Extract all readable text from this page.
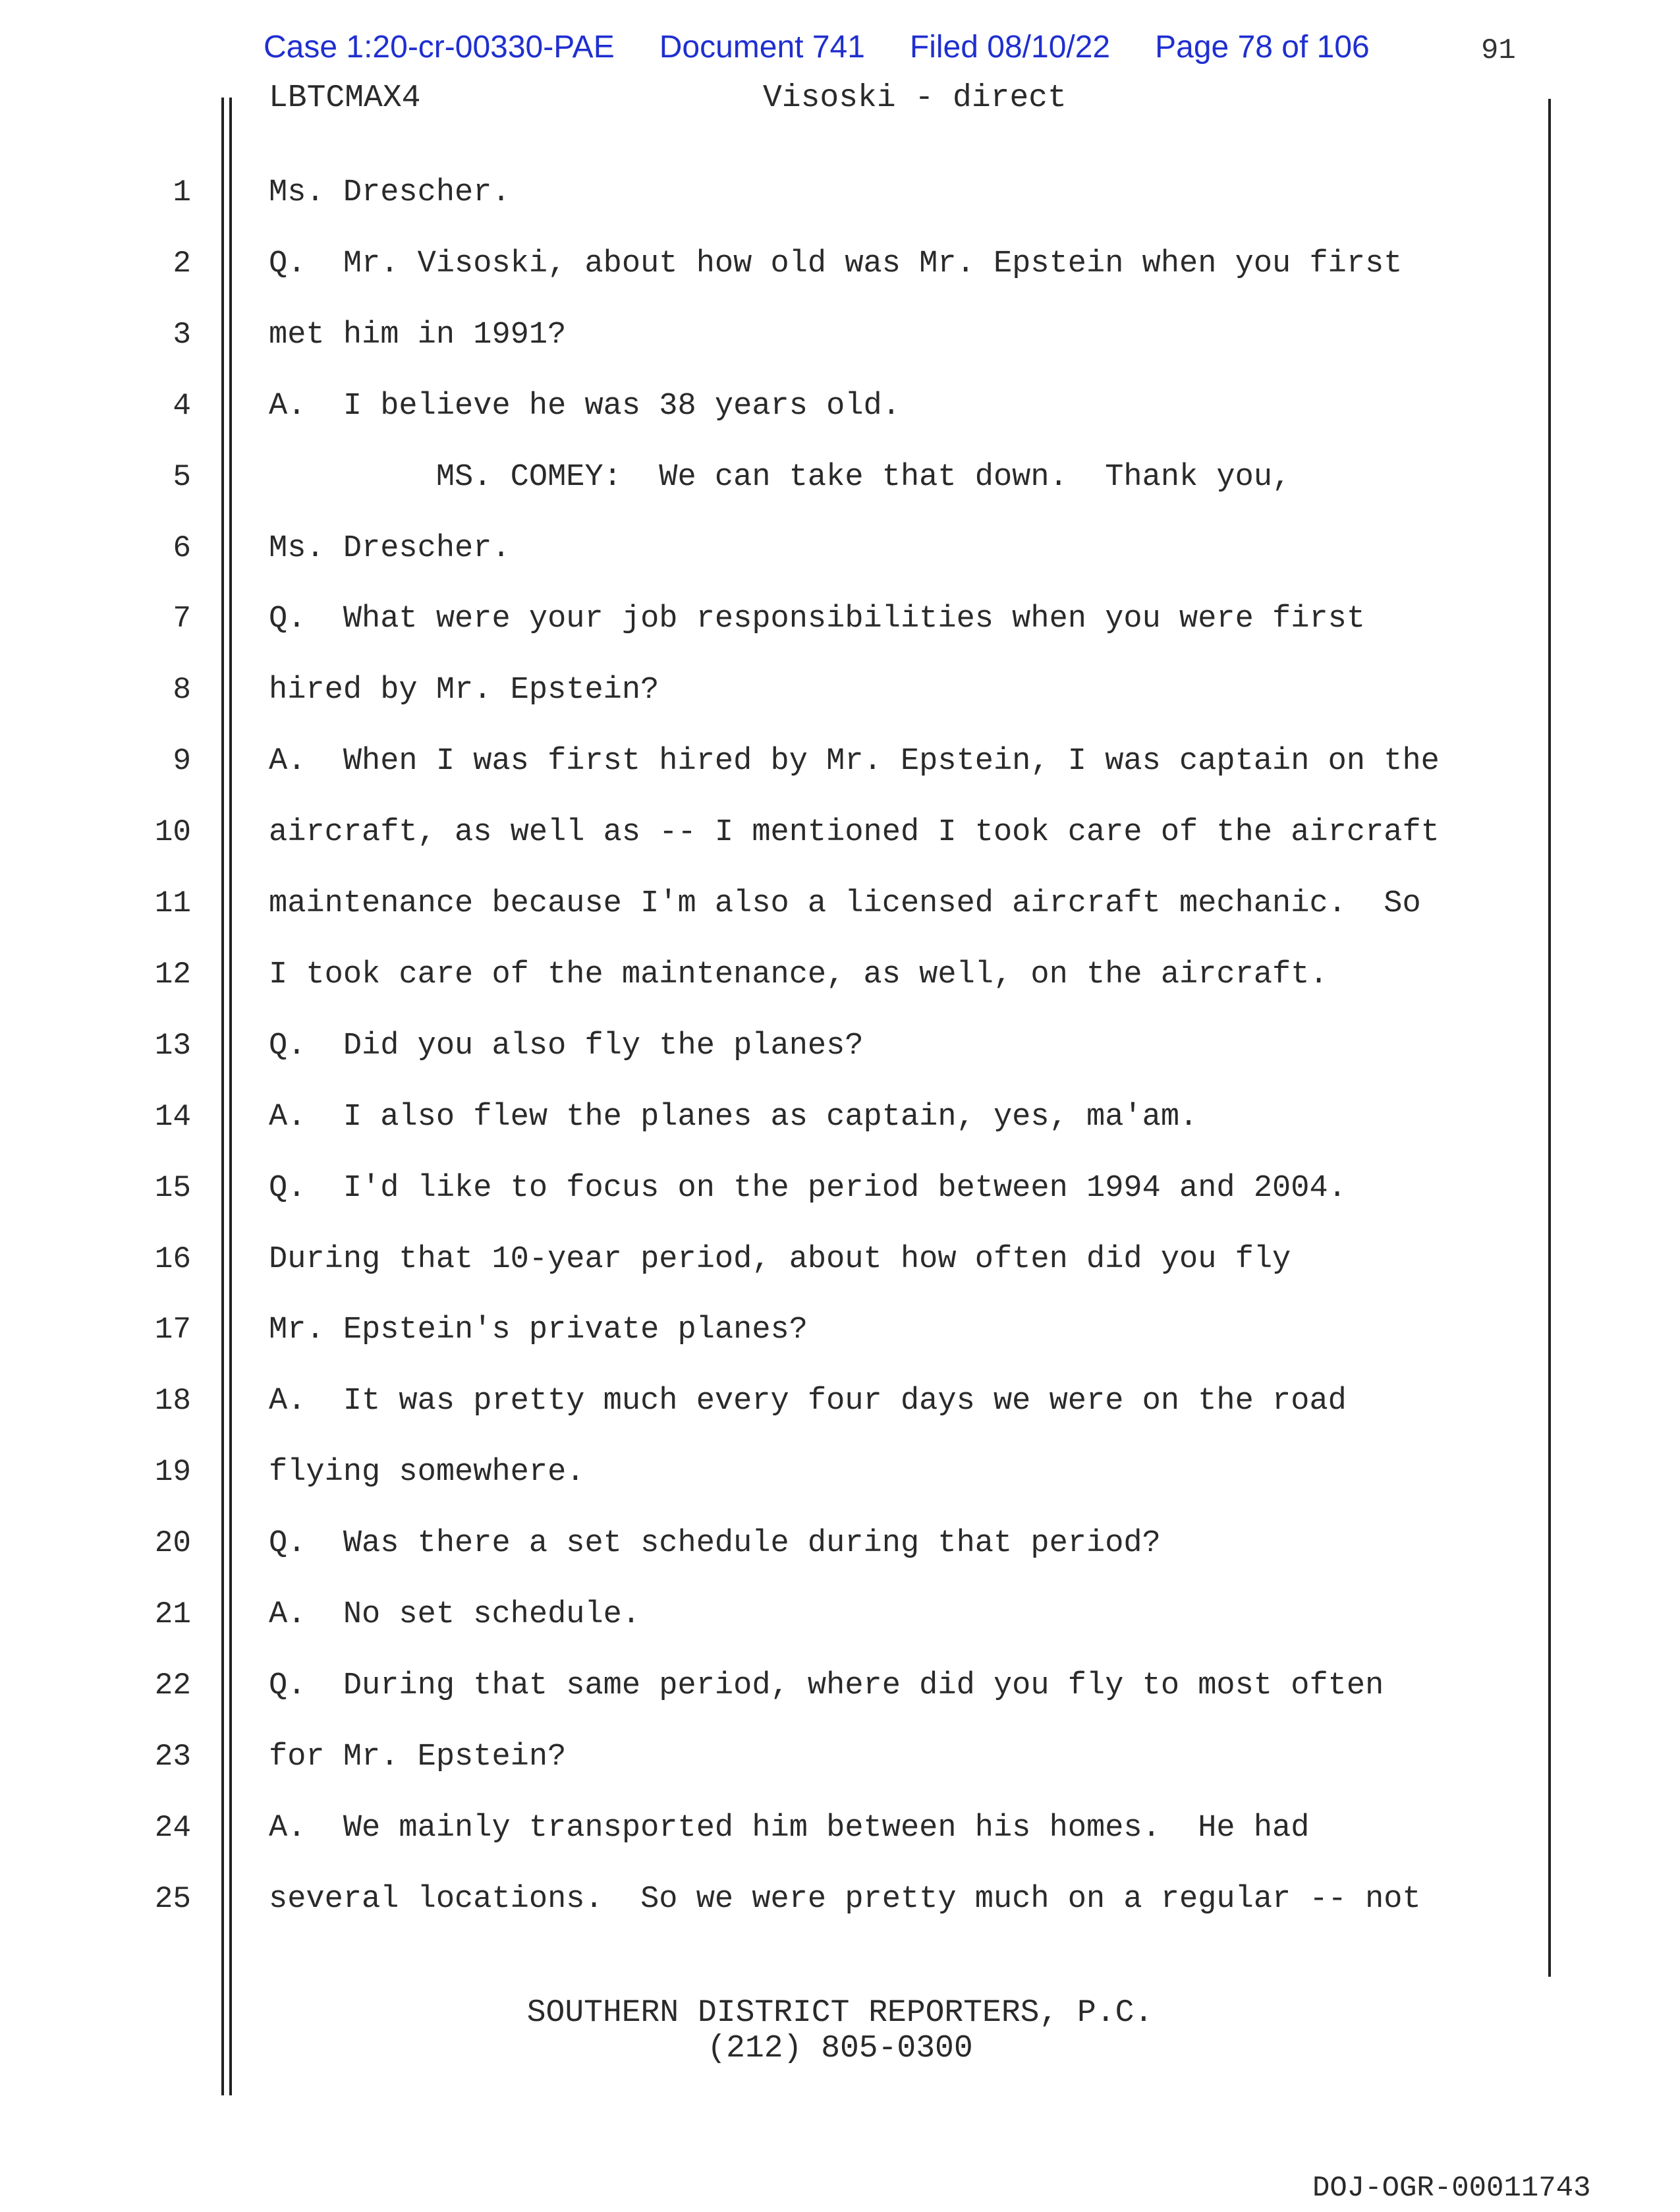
Case 1:20-cr-00330-PAE Document 741 Filed 08/10/22 Page 78 of 106	91
LBTCMAX4	Visoski - direct
1	Ms. Drescher.
2	Q.  Mr. Visoski, about how old was Mr. Epstein when you first
3	met him in 1991?
4	A.  I believe he was 38 years old.
5	MS. COMEY:  We can take that down.  Thank you,
6	Ms. Drescher.
7	Q.  What were your job responsibilities when you were first
8	hired by Mr. Epstein?
9	A.  When I was first hired by Mr. Epstein, I was captain on the
10	aircraft, as well as -- I mentioned I took care of the aircraft
11	maintenance because I'm also a licensed aircraft mechanic.  So
12	I took care of the maintenance, as well, on the aircraft.
13	Q.  Did you also fly the planes?
14	A.  I also flew the planes as captain, yes, ma'am.
15	Q.  I'd like to focus on the period between 1994 and 2004.
16	During that 10-year period, about how often did you fly
17	Mr. Epstein's private planes?
18	A.  It was pretty much every four days we were on the road
19	flying somewhere.
20	Q.  Was there a set schedule during that period?
21	A.  No set schedule.
22	Q.  During that same period, where did you fly to most often
23	for Mr. Epstein?
24	A.  We mainly transported him between his homes.  He had
25	several locations.  So we were pretty much on a regular -- not
SOUTHERN DISTRICT REPORTERS, P.C.
(212) 805-0300
DOJ-OGR-00011743
